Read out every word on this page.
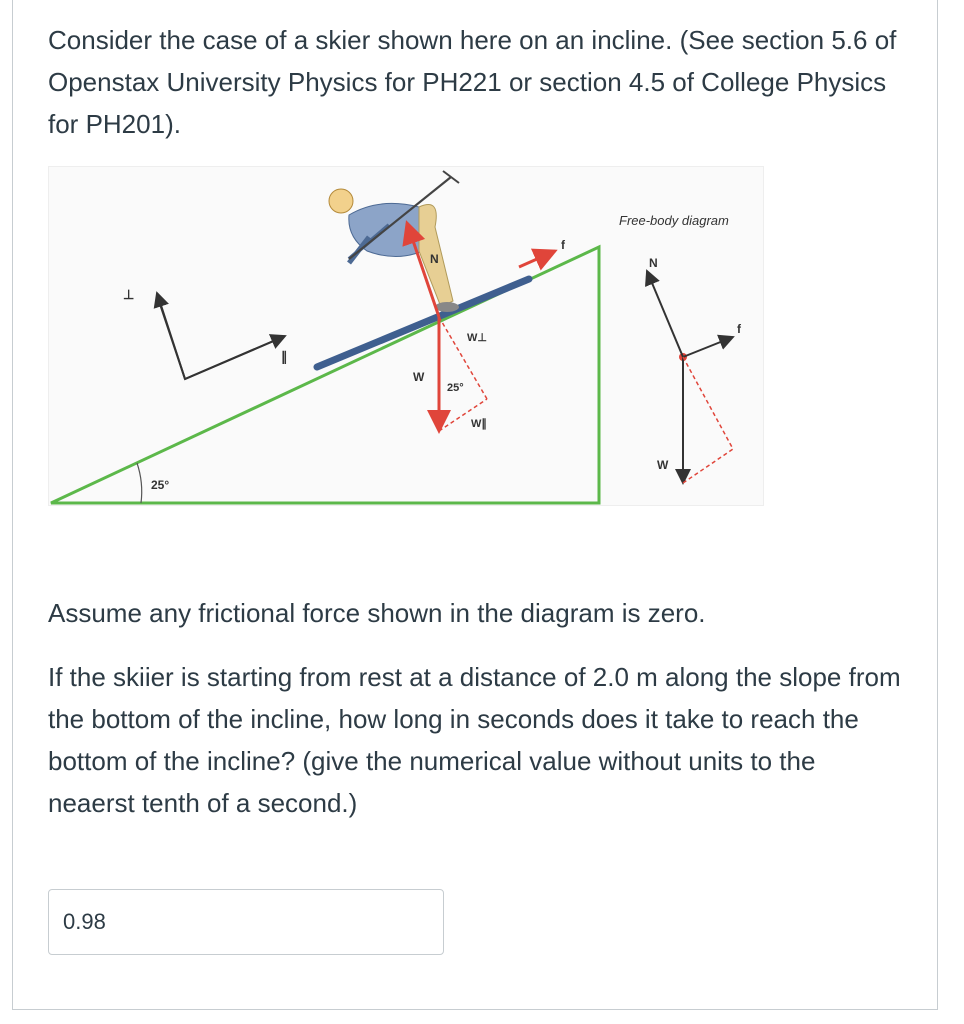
Consider the case of a skier shown here on an incline. (See section 5.6 of Openstax University Physics for PH221 or section 4.5 of College Physics for PH201).

25°
⊥
∥
N
W
W⊥
W∥
25°
f
Free-body diagram
N
f
W

Assume any frictional force shown in the diagram is zero.

If the skiier is starting from rest at a distance of 2.0 m along the slope from the bottom of the incline, how long in seconds does it take to reach the bottom of the incline? (give the numerical value without units to the neaerst tenth of a second.)

0.98
